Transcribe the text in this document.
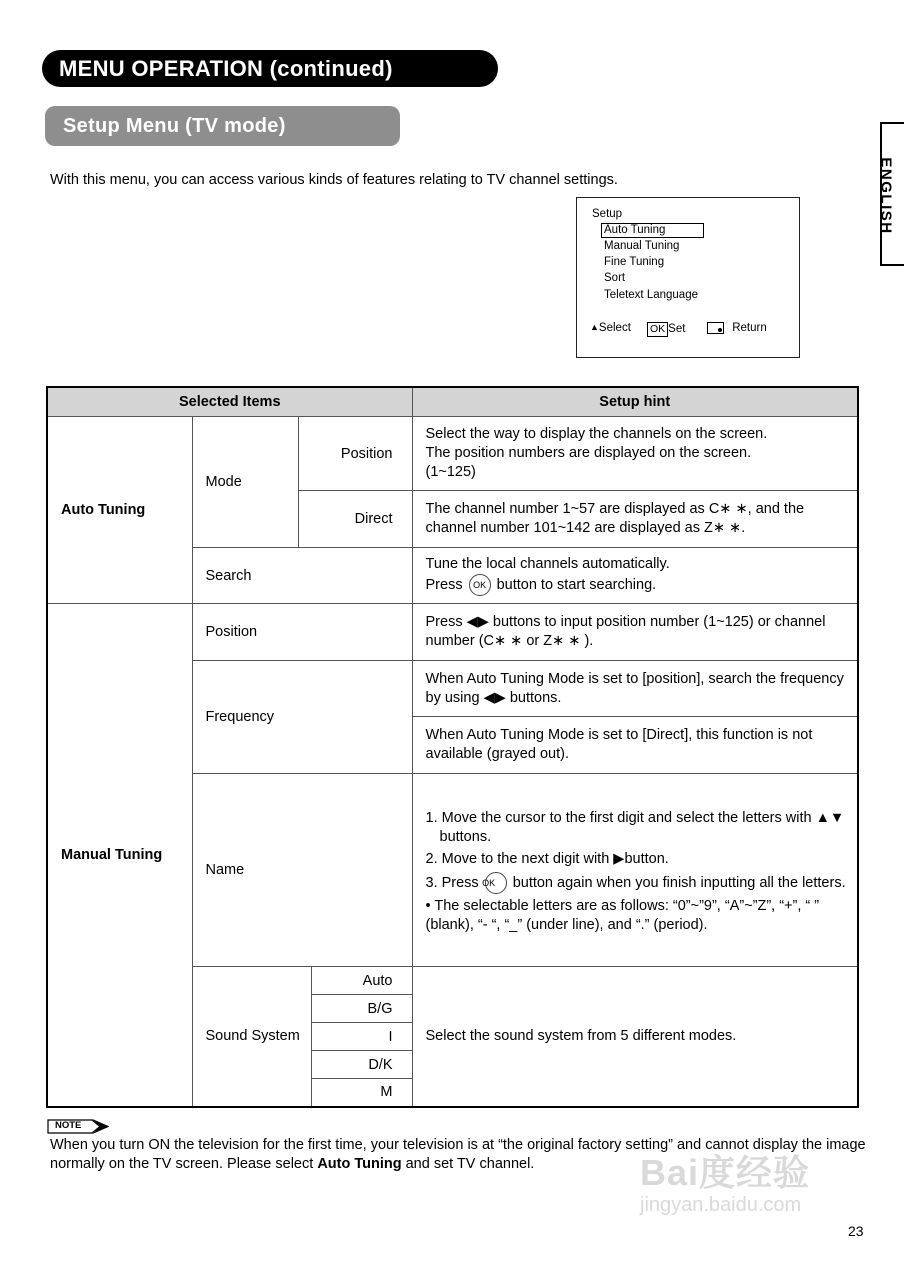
MENU OPERATION (continued)
Setup Menu (TV mode)
ENGLISH
With this menu, you can access various kinds of features relating to TV channel settings.
Setup
Auto Tuning
Manual Tuning
Fine Tuning
Sort
Teletext Language
▲︎Select OK Set	Return
Selected Items				Setup hint
Auto Tuning	Mode	Position		Select the way to display the channels on the screen.
The position numbers are displayed on the screen.
(1~125)

		Direct		The channel number 1~57 are displayed as C∗ ∗, and the channel number 101~142 are displayed as Z∗ ∗.
	Search			Tune the local channels automatically.
Press OK button to start searching.

Manual Tuning	Position			Press ◀▶ buttons to input position number (1~125) or channel number (C∗ ∗ or Z∗ ∗ ).
	Frequency			When Auto Tuning Mode is set to [position], search the frequency by using ◀▶ buttons.
				When Auto Tuning Mode is set to [Direct], this function is not available (grayed out).
	Name			1. Move the cursor to the first digit and select the letters with ▲▼ buttons.
2. Move to the next digit with ▶button.
3. Press OK button again when you finish inputting all the letters.
• The selectable letters are as follows: “0”~”9”, “A”~”Z”, “+”, “ ” (blank), “- “, “_” (under line), and “.” (period).

	Sound System		Auto	Select the sound system from 5 different modes.
			B/G	
			I	
			D/K	
			M	
NOTE
When you turn ON the television for the first time, your television is at “the original factory setting” and cannot display the image normally on the TV screen. Please select Auto Tuning and set TV channel.	Bai度经验
jingyan.baidu.com
23
